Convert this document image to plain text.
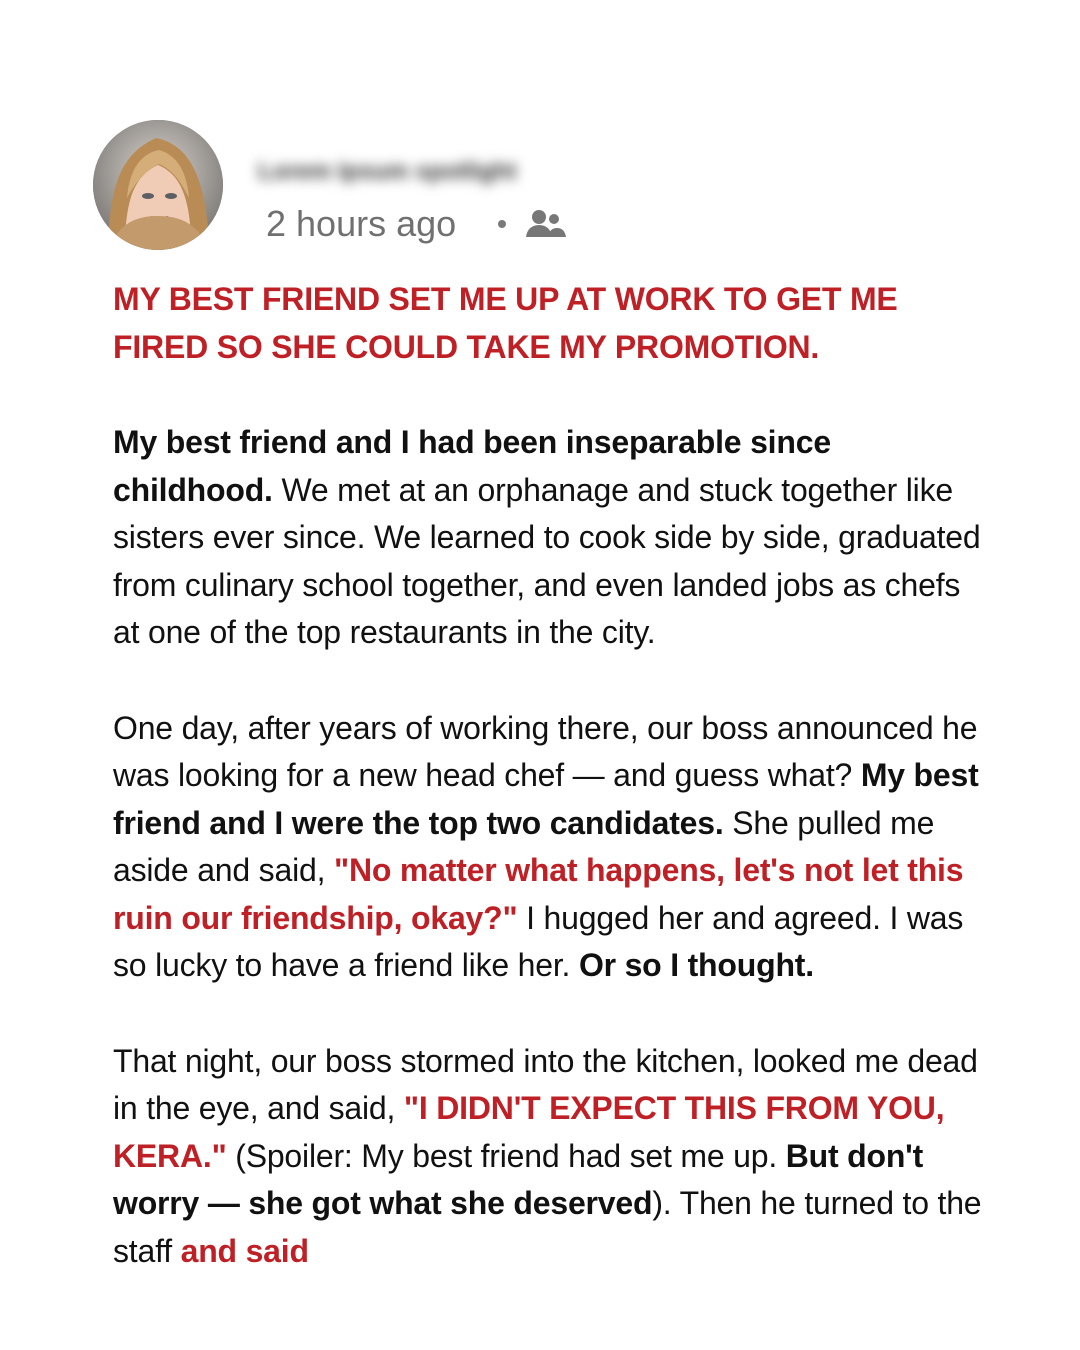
Lorem Ipsum spotlight
2 hours ago

MY BEST FRIEND SET ME UP AT WORK TO GET ME
FIRED SO SHE COULD TAKE MY PROMOTION.

My best friend and I had been inseparable since
childhood. We met at an orphanage and stuck together like sisters ever since. We learned to cook side by side, graduated from culinary school together, and even landed jobs as chefs at one of the top restaurants in the city.

One day, after years of working there, our boss announced he was looking for a new head chef — and guess what? My best friend and I were the top two candidates. She pulled me aside and said, "No matter what happens, let's not let this ruin our friendship, okay?" I hugged her and agreed. I was so lucky to have a friend like her. Or so I thought.

That night, our boss stormed into the kitchen, looked me dead in the eye, and said, "I DIDN'T EXPECT THIS FROM YOU, KERA." (Spoiler: My best friend had set me up. But don't worry — she got what she deserved). Then he turned to the staff and said
